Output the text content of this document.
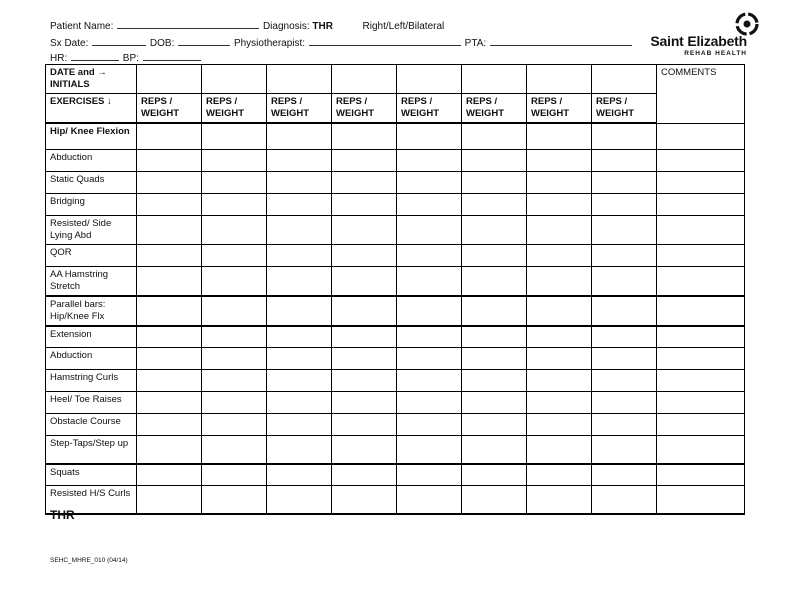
Patient Name:	Diagnosis: THR	Right/Left/Bilateral
Sx Date:	DOB:	Physiotherapist:	PTA:
HR:	BP:
Saint Elizabeth
REHAB HEALTH
DATE and → INITIALS									COMMENTS
EXERCISES ↓	REPS / WEIGHT	REPS / WEIGHT	REPS / WEIGHT	REPS / WEIGHT	REPS / WEIGHT	REPS / WEIGHT	REPS / WEIGHT	REPS / WEIGHT	
Hip/ Knee Flexion									
Abduction									
Static Quads									
Bridging									
Resisted/ Side Lying Abd									
QOR									
AA Hamstring Stretch									
Parallel bars: Hip/Knee Flx									
Extension									
Abduction									
Hamstring Curls									
Heel/ Toe Raises									
Obstacle Course									
Step-Taps/Step up									
Squats									
Resisted H/S Curls									
THR
SEHC_MHRE_010 (04/14)
